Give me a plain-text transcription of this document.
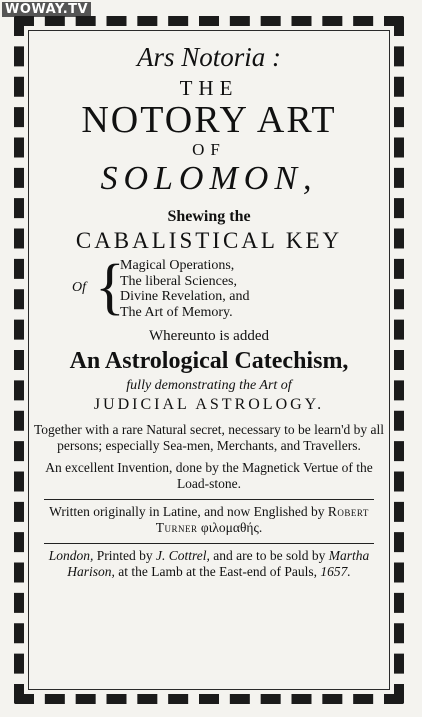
WOWAY.TV
Ars Notoria :
THE
NOTORY ART
OF
SOLOMON,
Shewing the
CABALISTICAL KEY
Of {
Magical Operations,
The liberal Sciences,
Divine Revelation, and
The Art of Memory.
Whereunto is added
An Astrological Catechism,
fully demonstrating the Art of
JUDICIAL ASTROLOGY.
Together with a rare Natural secret, necessary to be learn'd by all persons; especially Sea-men, Merchants, and Travellers.
An excellent Invention, done by the Magnetick Vertue of the Load-stone.
Written originally in Latine, and now Englished by Robert Turner φιλομαθής.
London, Printed by J. Cottrel, and are to be sold by Martha Harison, at the Lamb at the East-end of Pauls, 1657.
